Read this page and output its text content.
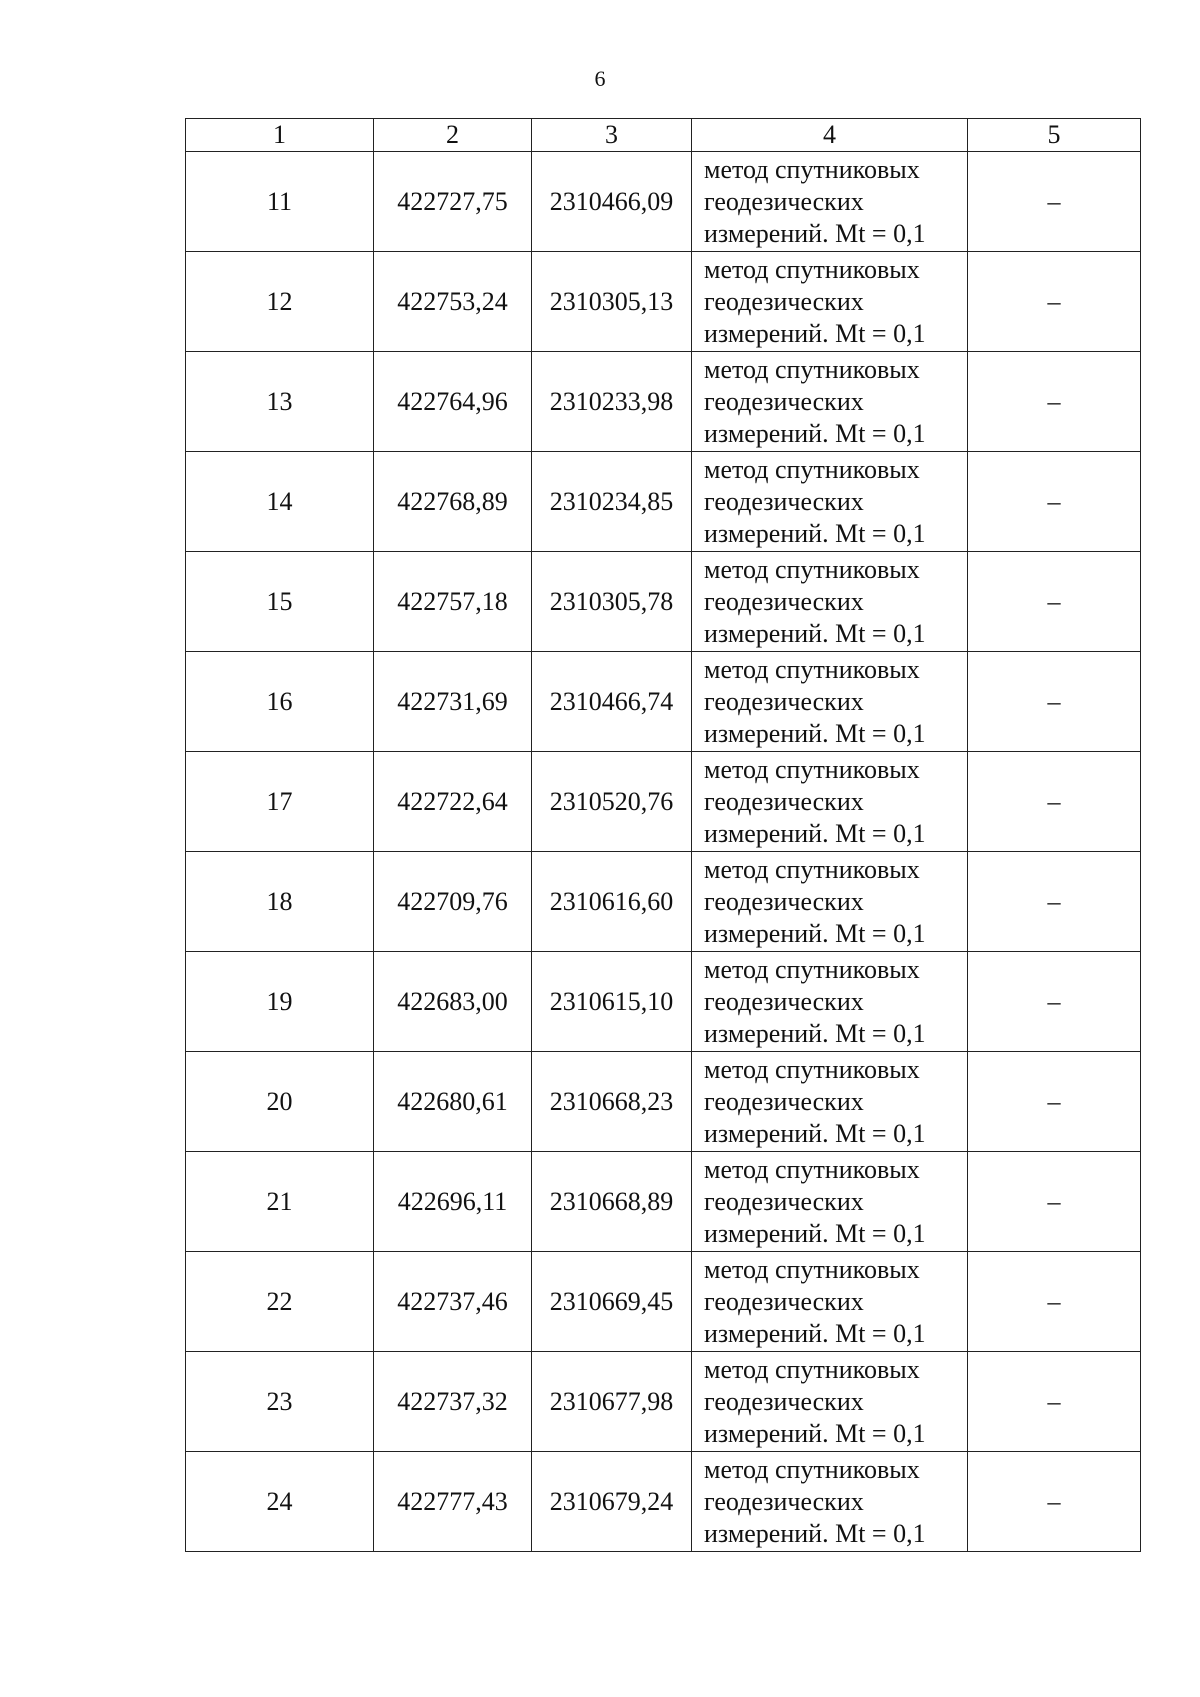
6
1	2	3	4	5
11	422727,75	2310466,09	метод спутниковых
геодезических
измерений. Mt = 0,1	–
12	422753,24	2310305,13	метод спутниковых
геодезических
измерений. Mt = 0,1	–
13	422764,96	2310233,98	метод спутниковых
геодезических
измерений. Mt = 0,1	–
14	422768,89	2310234,85	метод спутниковых
геодезических
измерений. Mt = 0,1	–
15	422757,18	2310305,78	метод спутниковых
геодезических
измерений. Mt = 0,1	–
16	422731,69	2310466,74	метод спутниковых
геодезических
измерений. Mt = 0,1	–
17	422722,64	2310520,76	метод спутниковых
геодезических
измерений. Mt = 0,1	–
18	422709,76	2310616,60	метод спутниковых
геодезических
измерений. Mt = 0,1	–
19	422683,00	2310615,10	метод спутниковых
геодезических
измерений. Mt = 0,1	–
20	422680,61	2310668,23	метод спутниковых
геодезических
измерений. Mt = 0,1	–
21	422696,11	2310668,89	метод спутниковых
геодезических
измерений. Mt = 0,1	–
22	422737,46	2310669,45	метод спутниковых
геодезических
измерений. Mt = 0,1	–
23	422737,32	2310677,98	метод спутниковых
геодезических
измерений. Mt = 0,1	–
24	422777,43	2310679,24	метод спутниковых
геодезических
измерений. Mt = 0,1	–
